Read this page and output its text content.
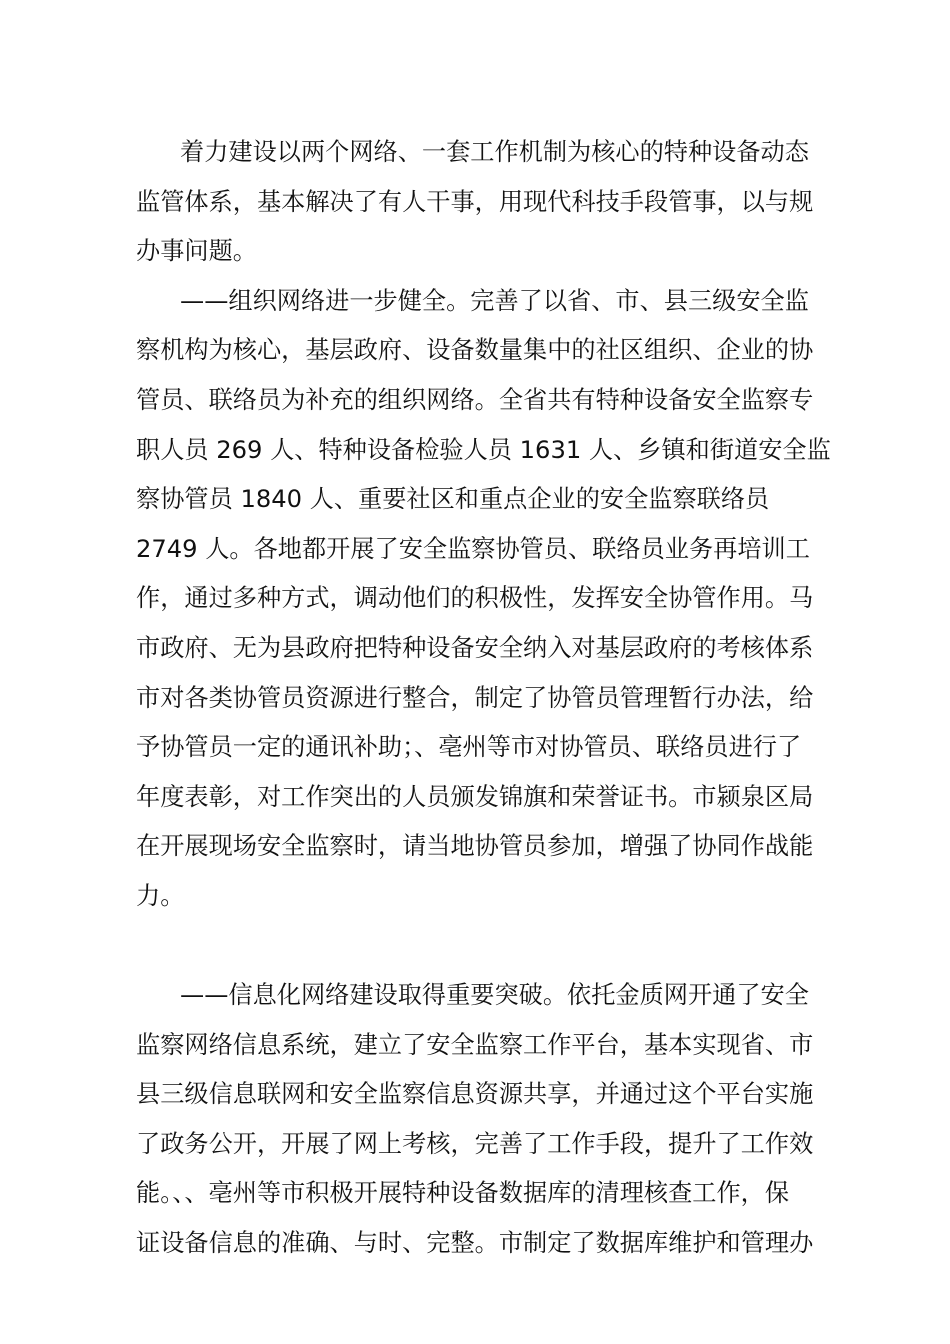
着力建设以两个网络、一套工作机制为核心的特种设备动态
监管体系，基本解决了有人干事，用现代科技手段管事，以与规
办事问题。
——组织网络进一步健全。完善了以省、市、县三级安全监
察机构为核心，基层政府、设备数量集中的社区组织、企业的协
管员、联络员为补充的组织网络。全省共有特种设备安全监察专
职人员 269 人、特种设备检验人员 1631 人、乡镇和街道安全监
察协管员 1840 人、重要社区和重点企业的安全监察联络员
2749 人。各地都开展了安全监察协管员、联络员业务再培训工
作，通过多种方式，调动他们的积极性，发挥安全协管作用。马
市政府、无为县政府把特种设备安全纳入对基层政府的考核体系
市对各类协管员资源进行整合，制定了协管员管理暂行办法，给
予协管员一定的通讯补助；、亳州等市对协管员、联络员进行了
年度表彰，对工作突出的人员颁发锦旗和荣誉证书。市颍泉区局
在开展现场安全监察时，请当地协管员参加，增强了协同作战能
力。
——信息化网络建设取得重要突破。依托金质网开通了安全
监察网络信息系统，建立了安全监察工作平台，基本实现省、市
县三级信息联网和安全监察信息资源共享，并通过这个平台实施
了政务公开，开展了网上考核，完善了工作手段，提升了工作效
能。、、亳州等市积极开展特种设备数据库的清理核查工作，保
证设备信息的准确、与时、完整。市制定了数据库维护和管理办
